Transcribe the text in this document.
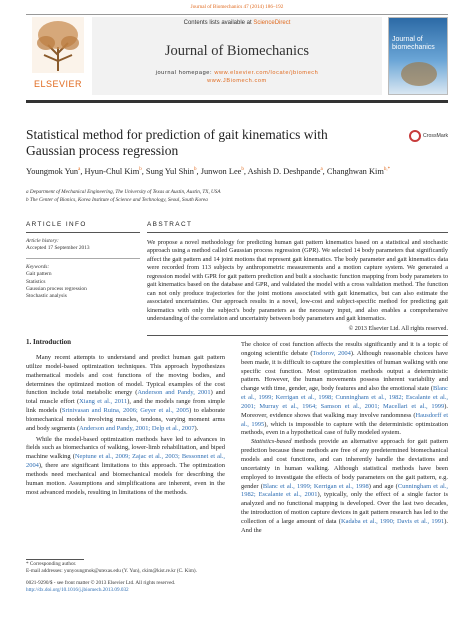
Journal of Biomechanics 47 (2014) 186–192
ELSEVIER
Contents lists available at ScienceDirect
Journal of Biomechanics
journal homepage: www.elsevier.com/locate/jbiomech
www.JBiomech.com
Journal of biomechanics
Statistical method for prediction of gait kinematics with Gaussian process regression
CrossMark
Youngmok Yun$^a$, Hyun-Chul Kim$^b$, Sung Yul Shin$^b$, Junwon Lee$^b$, Ashish D. Deshpande$^a$, Changhwan Kim$^{b,*}$
a Department of Mechanical Engineering, The University of Texas at Austin, Austin, TX, USA
b The Center of Bionics, Korea Institute of Science and Technology, Seoul, South Korea
ARTICLE INFO
Article history:
Accepted 17 September 2013
Keywords:
Gait pattern
Statistics
Gaussian process regression
Stochastic analysis
ABSTRACT
We propose a novel methodology for predicting human gait pattern kinematics based on a statistical and stochastic approach using a method called Gaussian process regression (GPR). We selected 14 body parameters that significantly affect the gait pattern and 14 joint motions that represent gait kinematics. The body parameter and gait kinematics data were recorded from 113 subjects by anthropometric measurements and a motion capture system. We generated a regression model with GPR for gait pattern prediction and built a stochastic function mapping from body parameters to gait kinematics based on the database and GPR, and validated the model with a cross validation method. The function can not only produce trajectories for the joint motions associated with gait kinematics, but can also estimate the associated uncertainties. Our approach results in a novel, low-cost and subject-specific method for predicting gait kinematics with only the subject's body parameters as the necessary input, and also enables a comprehensive understanding of the correlation and uncertainty between body parameters and gait kinematics.
© 2013 Elsevier Ltd. All rights reserved.
1. Introduction
Many recent attempts to understand and predict human gait pattern utilize model-based optimization techniques. This approach hypothesizes mathematical models and cost functions of the moving bodies, and determines the optimized motion of model. Typical examples of the cost function include total metabolic energy (Anderson and Pandy, 2001) and total muscle effort (Xiang et al., 2011), and the models range from simple link models (Srinivasan and Ruina, 2006; Geyer et al., 2005) to elaborate biomechanical models involving muscles, tendons, varying moment arms and body segments (Anderson and Pandy, 2001; Delp et al., 2007).
While the model-based optimization methods have led to advances in fields such as biomechanics of walking, lower-limb rehabilitation, and biped machine walking (Neptune et al., 2009; Zajac et al., 2003; Bessonnet et al., 2004), there are significant limitations to this approach. The optimization methods need mechanical and biomechanical models for describing the human motion. Assumptions and simplifications are inherent, even in the most advanced models, resulting in limitations of the methods.
The choice of cost function affects the results significantly and it is a topic of ongoing scientific debate (Todorov, 2004). Although reasonable choices have been made, it is difficult to capture the complexities of human walking with one specific cost function. Most optimization methods output a deterministic pattern. However, the human movements possess inherent variability and change with time, gender, age, body features and also the emotional state (Blanc et al., 1999; Kerrigan et al., 1998; Cunningham et al., 1982; Escalante et al., 2001; Murray et al., 1964; Samson et al., 2001; Macellari et al., 1999). Moreover, evidence shows that walking may involve randomness (Hausdorff et al., 1995), which is impossible to capture with the deterministic optimization methods, even in a hypothetical case of fully modeled system.
Statistics-based methods provide an alternative approach for gait pattern prediction because these methods are free of any predetermined biomechanical models and cost functions, and can inherently handle the deviations and uncertainty in human walking. Although statistical methods have been employed to investigate the effects of body parameters on the gait pattern, e.g. gender (Blanc et al., 1999; Kerrigan et al., 1998) and age (Cunningham et al., 1982; Escalante et al., 2001), typically, only the effect of a single factor is analyzed and no functional mapping is developed. Over the last two decades, the introduction of motion capture devices in gait pattern research has led to the collection of a large amount of data (Kadaba et al., 1990; Davis et al., 1991). And the
* Corresponding author.
E-mail addresses: yunyoungmok@utexas.edu (Y. Yun), ckim@kist.re.kr (C. Kim).
0021-9290/$ - see front matter © 2013 Elsevier Ltd. All rights reserved.
http://dx.doi.org/10.1016/j.jbiomech.2013.09.032
